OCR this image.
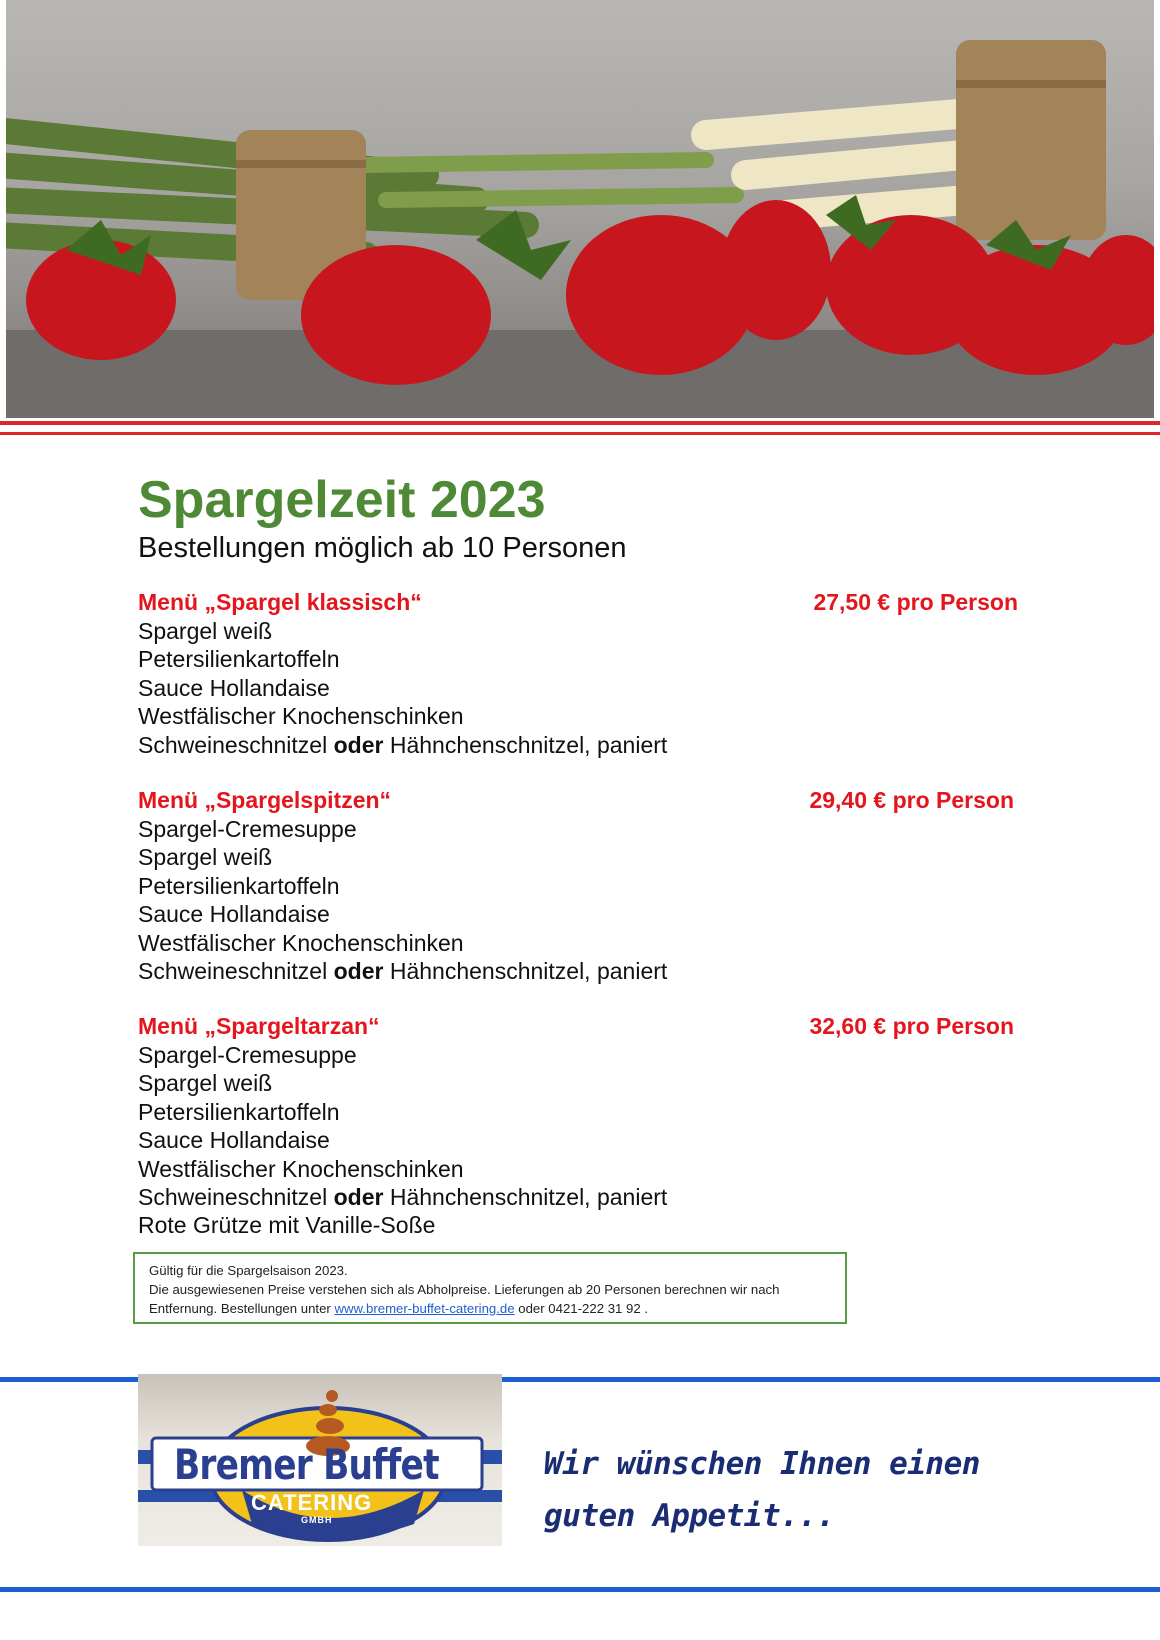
Spargelzeit 2023
Bestellungen möglich ab 10 Personen
Menü „Spargel klassisch“	27,50 € pro Person
Spargel weiß
Petersilienkartoffeln
Sauce Hollandaise
Westfälischer Knochenschinken
Schweineschnitzel oder Hähnchenschnitzel, paniert
Menü „Spargelspitzen“	29,40 € pro Person
Spargel-Cremesuppe
Spargel weiß
Petersilienkartoffeln
Sauce Hollandaise
Westfälischer Knochenschinken
Schweineschnitzel oder Hähnchenschnitzel, paniert
Menü „Spargeltarzan“	32,60 € pro Person
Spargel-Cremesuppe
Spargel weiß
Petersilienkartoffeln
Sauce Hollandaise
Westfälischer Knochenschinken
Schweineschnitzel oder Hähnchenschnitzel, paniert
Rote Grütze mit Vanille-Soße
Gültig für die Spargelsaison 2023.
Die ausgewiesenen Preise verstehen sich als Abholpreise. Lieferungen ab 20 Personen berechnen wir nach Entfernung. Bestellungen unter www.bremer-buffet-catering.de oder 0421-222 31 92 .
Bremer Buffet
CATERING
GMBH
Wir wünschen Ihnen einen guten Appetit...
